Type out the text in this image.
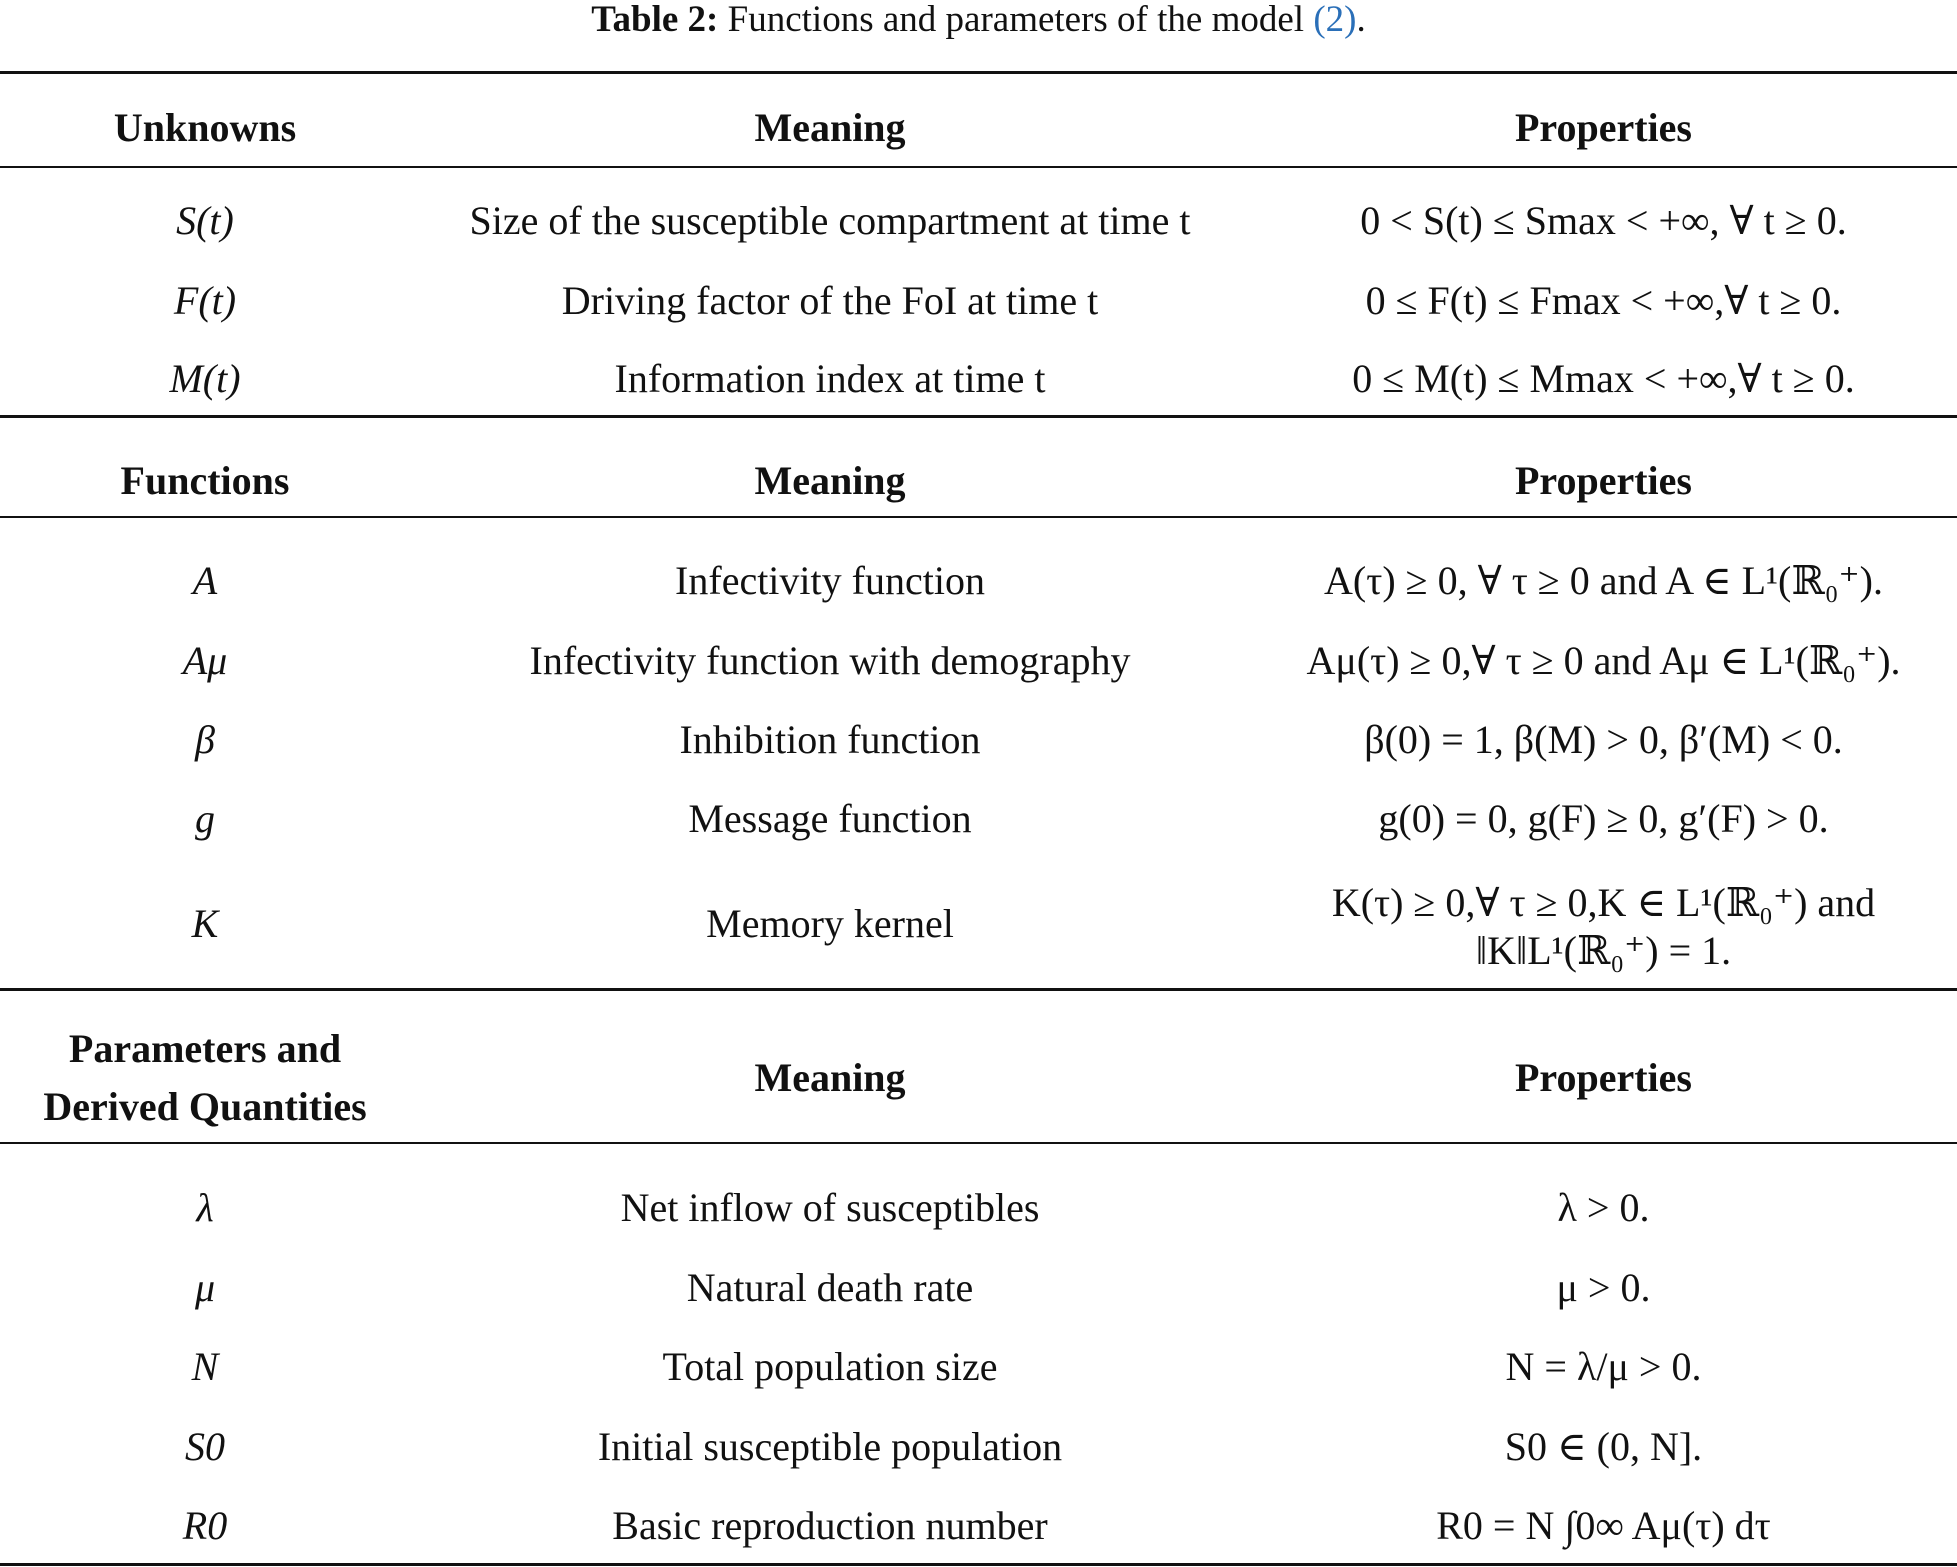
Table 2: Functions and parameters of the model (2).
Unknowns	Meaning	Properties
S(t)	Size of the susceptible compartment at time t	0 < S(t) ≤ Smax < +∞, ∀ t ≥ 0.
F(t)	Driving factor of the FoI at time t	0 ≤ F(t) ≤ Fmax < +∞,∀ t ≥ 0.
M(t)	Information index at time t	0 ≤ M(t) ≤ Mmax < +∞,∀ t ≥ 0.
Functions	Meaning	Properties
A	Infectivity function	A(τ) ≥ 0, ∀ τ ≥ 0 and A ∈ L¹(ℝ₀⁺).
Aμ	Infectivity function with demography	Aμ(τ) ≥ 0,∀ τ ≥ 0 and Aμ ∈ L¹(ℝ₀⁺).
β	Inhibition function	β(0) = 1, β(M) > 0, β′(M) < 0.
g	Message function	g(0) = 0, g(F) ≥ 0, g′(F) > 0.
K	Memory kernel	K(τ) ≥ 0,∀ τ ≥ 0,K ∈ L¹(ℝ₀⁺) and
‖K‖L¹(ℝ₀⁺) = 1.
Parameters and
Derived Quantities
Meaning	Properties
λ	Net inflow of susceptibles	λ > 0.
μ	Natural death rate	μ > 0.
N	Total population size	N = λ/μ > 0.
S0	Initial susceptible population	S0 ∈ (0, N].
R0	Basic reproduction number	R0 = N ∫0∞ Aμ(τ) dτ
